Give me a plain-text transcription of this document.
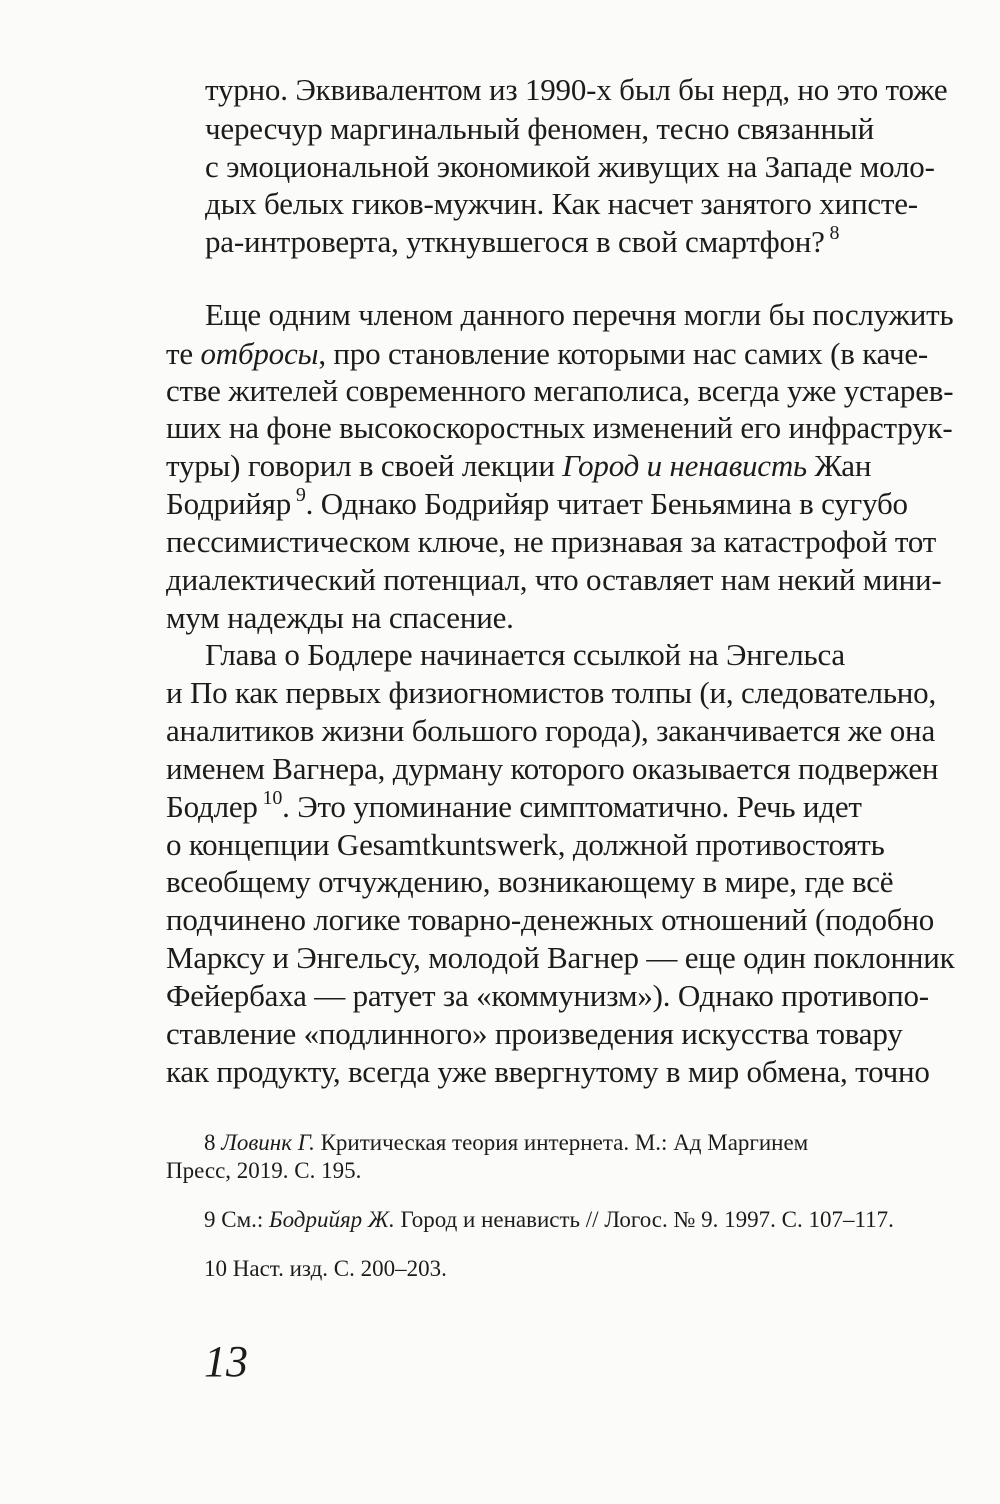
турно. Эквивалентом из 1990-х был бы нерд, но это тоже
чересчур маргинальный феномен, тесно связанный
с эмоциональной экономикой живущих на Западе моло-
дых белых гиков-мужчин. Как насчет занятого хипсте-
ра-интроверта, уткнувшегося в свой смартфон? $^8$
Еще одним членом данного перечня могли бы послужить
те отбросы, про становление которыми нас самих (в каче-
стве жителей современного мегаполиса, всегда уже устарев-
ших на фоне высокоскоростных изменений его инфраструк-
туры) говорил в своей лекции Город и ненависть Жан
Бодрийяр $^9$. Однако Бодрийяр читает Беньямина в сугубо
пессимистическом ключе, не признавая за катастрофой тот
диалектический потенциал, что оставляет нам некий мини-
мум надежды на спасение.
Глава о Бодлере начинается ссылкой на Энгельса
и По как первых физиогномистов толпы (и, следовательно,
аналитиков жизни большого города), заканчивается же она
именем Вагнера, дурману которого оказывается подвержен
Бодлер $^{10}$. Это упоминание симптоматично. Речь идет
о концепции Gesamtkuntswerk, должной противостоять
всеобщему отчуждению, возникающему в мире, где всё
подчинено логике товарно-денежных отношений (подобно
Марксу и Энгельсу, молодой Вагнер — еще один поклонник
Фейербаха — ратует за «коммунизм»). Однако противопо-
ставление «подлинного» произведения искусства товару
как продукту, всегда уже ввергнутому в мир обмена, точно
8 Ловинк Г. Критическая теория интернета. М.: Ад Маргинем
Пресс, 2019. С. 195.
9 См.: Бодрийяр Ж. Город и ненависть // Логос. № 9. 1997. С. 107–117.
10 Наст. изд. С. 200–203.
13
